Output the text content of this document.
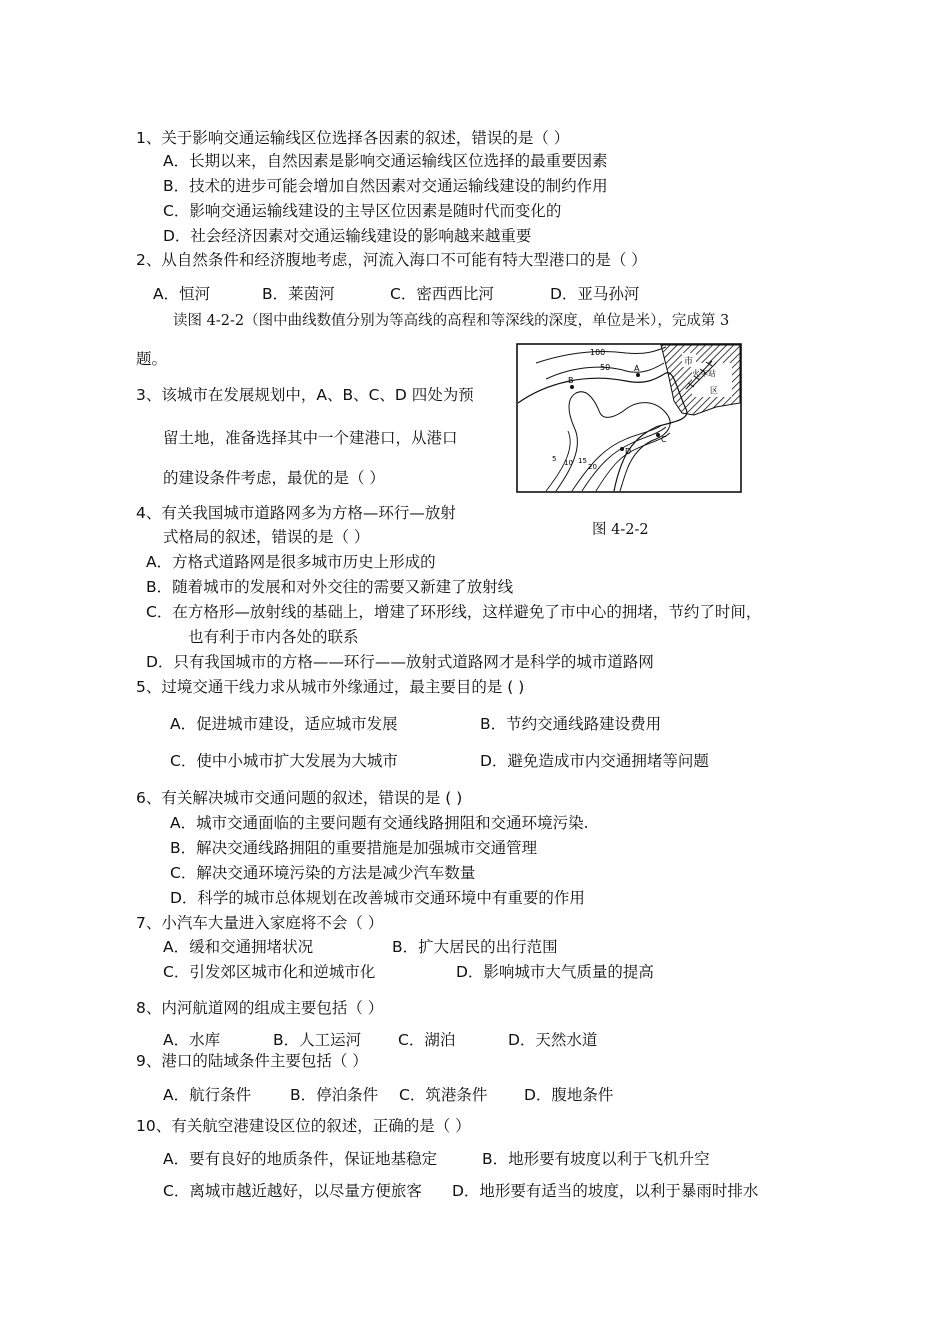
1、关于影响交通运输线区位选择各因素的叙述，错误的是（ ）
A．长期以来，自然因素是影响交通运输线区位选择的最重要因素
B．技术的进步可能会增加自然因素对交通运输线建设的制约作用
C．影响交通运输线建设的主导区位因素是随时代而变化的
D．社会经济因素对交通运输线建设的影响越来越重要
2、从自然条件和经济腹地考虑，河流入海口不可能有特大型港口的是（ ）
A．恒河	B．莱茵河	C．密西西比河	D．亚马孙河
读图 4-2-2（图中曲线数值分别为等高线的高程和等深线的深度，单位是米），完成第 3
题。
3、该城市在发展规划中，A、B、C、D 四处为预
留土地，准备选择其中一个建港口，从港口
的建设条件考虑，最优的是（ ）
市
火车站
区
100
50
5 10 15
20
A
B
C
D
图 4-2-2
4、有关我国城市道路网多为方格—环行—放射
式格局的叙述，错误的是（ ）
A．方格式道路网是很多城市历史上形成的
B．随着城市的发展和对外交往的需要又新建了放射线
C．在方格形—放射线的基础上，增建了环形线，这样避免了市中心的拥堵，节约了时间，
也有利于市内各处的联系
D．只有我国城市的方格——环行——放射式道路网才是科学的城市道路网
5、过境交通干线力求从城市外缘通过，最主要目的是 ( )
A．促进城市建设，适应城市发展	B．节约交通线路建设费用
C．使中小城市扩大发展为大城市	D．避免造成市内交通拥堵等问题
6、有关解决城市交通问题的叙述，错误的是 ( )
A．城市交通面临的主要问题有交通线路拥阻和交通环境污染.
B．解决交通线路拥阻的重要措施是加强城市交通管理
C．解决交通环境污染的方法是减少汽车数量
D．科学的城市总体规划在改善城市交通环境中有重要的作用
7、小汽车大量进入家庭将不会（ ）
A．缓和交通拥堵状况	B．扩大居民的出行范围
C．引发郊区城市化和逆城市化	D．影响城市大气质量的提高
8、内河航道网的组成主要包括（ ）
A．水库	B．人工运河 C．湖泊	D．天然水道
9、港口的陆域条件主要包括（ ）
A．航行条件	B．停泊条件 C．筑港条件 D．腹地条件
10、有关航空港建设区位的叙述，正确的是（ ）
A．要有良好的地质条件，保证地基稳定	B．地形要有坡度以利于飞机升空
C．离城市越近越好，以尽量方便旅客 D．地形要有适当的坡度，以利于暴雨时排水
